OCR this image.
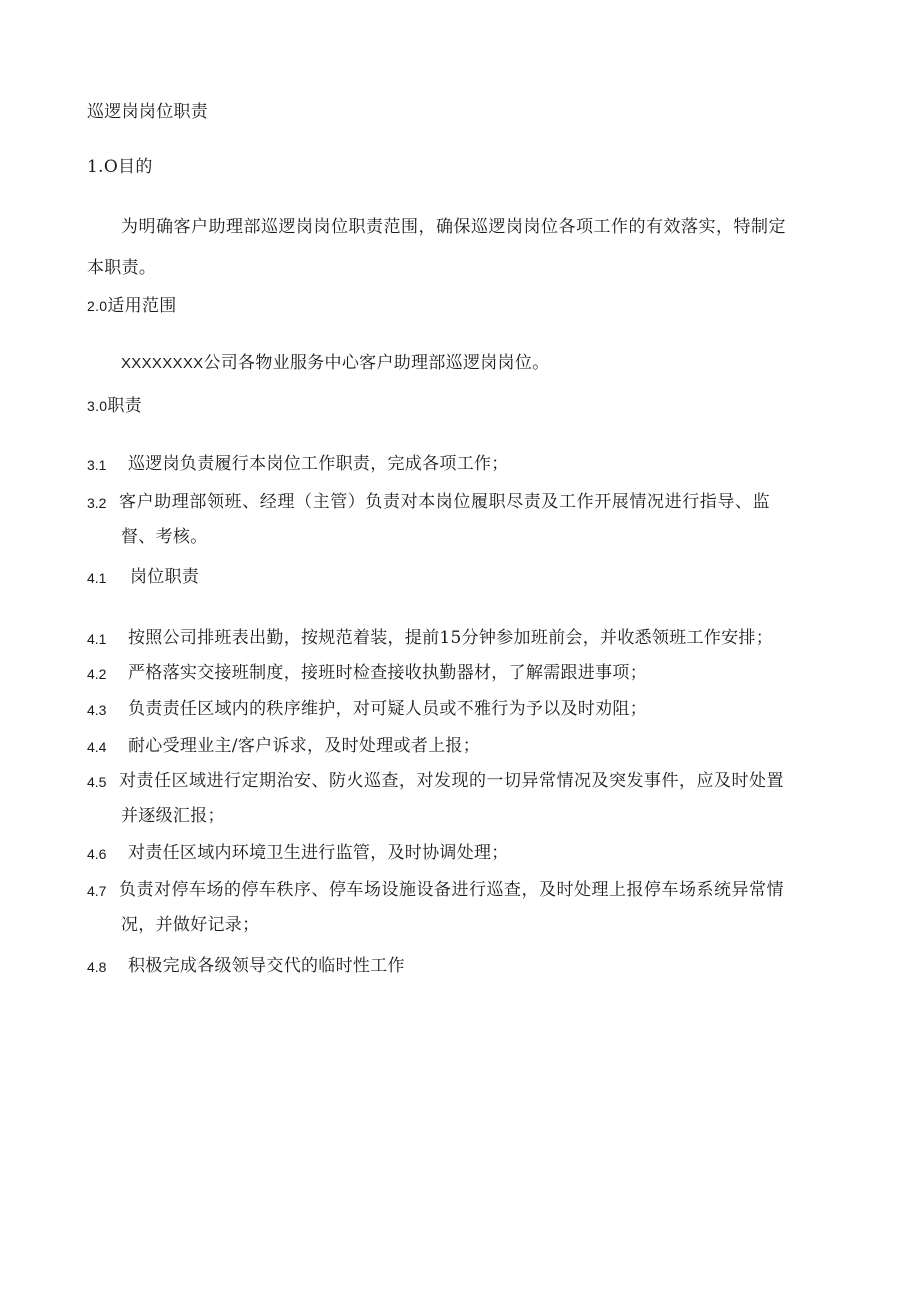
巡逻岗岗位职责
1.O目的
为明确客户助理部巡逻岗岗位职责范围，确保巡逻岗岗位各项工作的有效落实，特制定
本职责。
2.0适用范围
XXXXXXXX公司各物业服务中心客户助理部巡逻岗岗位。
3.0职责
3.1 巡逻岗负责履行本岗位工作职责，完成各项工作；
3.2 客户助理部领班、经理（主管）负责对本岗位履职尽责及工作开展情况进行指导、监
督、考核。
4.1 岗位职责
4.1 按照公司排班表出勤，按规范着装，提前15分钟参加班前会，并收悉领班工作安排；
4.2 严格落实交接班制度，接班时检查接收执勤器材，了解需跟进事项；
4.3 负责责任区域内的秩序维护，对可疑人员或不雅行为予以及时劝阻；
4.4 耐心受理业主/客户诉求，及时处理或者上报；
4.5 对责任区域进行定期治安、防火巡查，对发现的一切异常情况及突发事件，应及时处置
并逐级汇报；
4.6 对责任区域内环境卫生进行监管，及时协调处理；
4.7 负责对停车场的停车秩序、停车场设施设备进行巡查，及时处理上报停车场系统异常情
况，并做好记录；
4.8 积极完成各级领导交代的临时性工作
